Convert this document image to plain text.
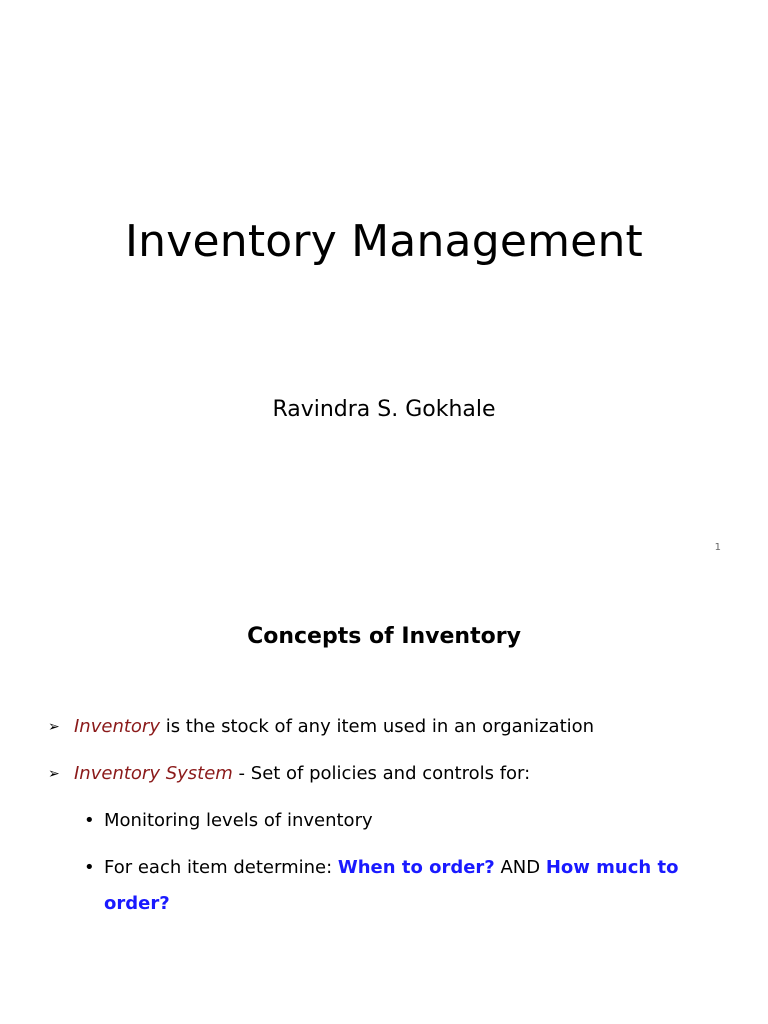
Inventory Management

Ravindra S. Gokhale

1
Concepts of Inventory
➢ Inventory is the stock of any item used in an organization
➢ Inventory System - Set of policies and controls for:
• Monitoring levels of inventory
• For each item determine: When to order? AND How much to order?
